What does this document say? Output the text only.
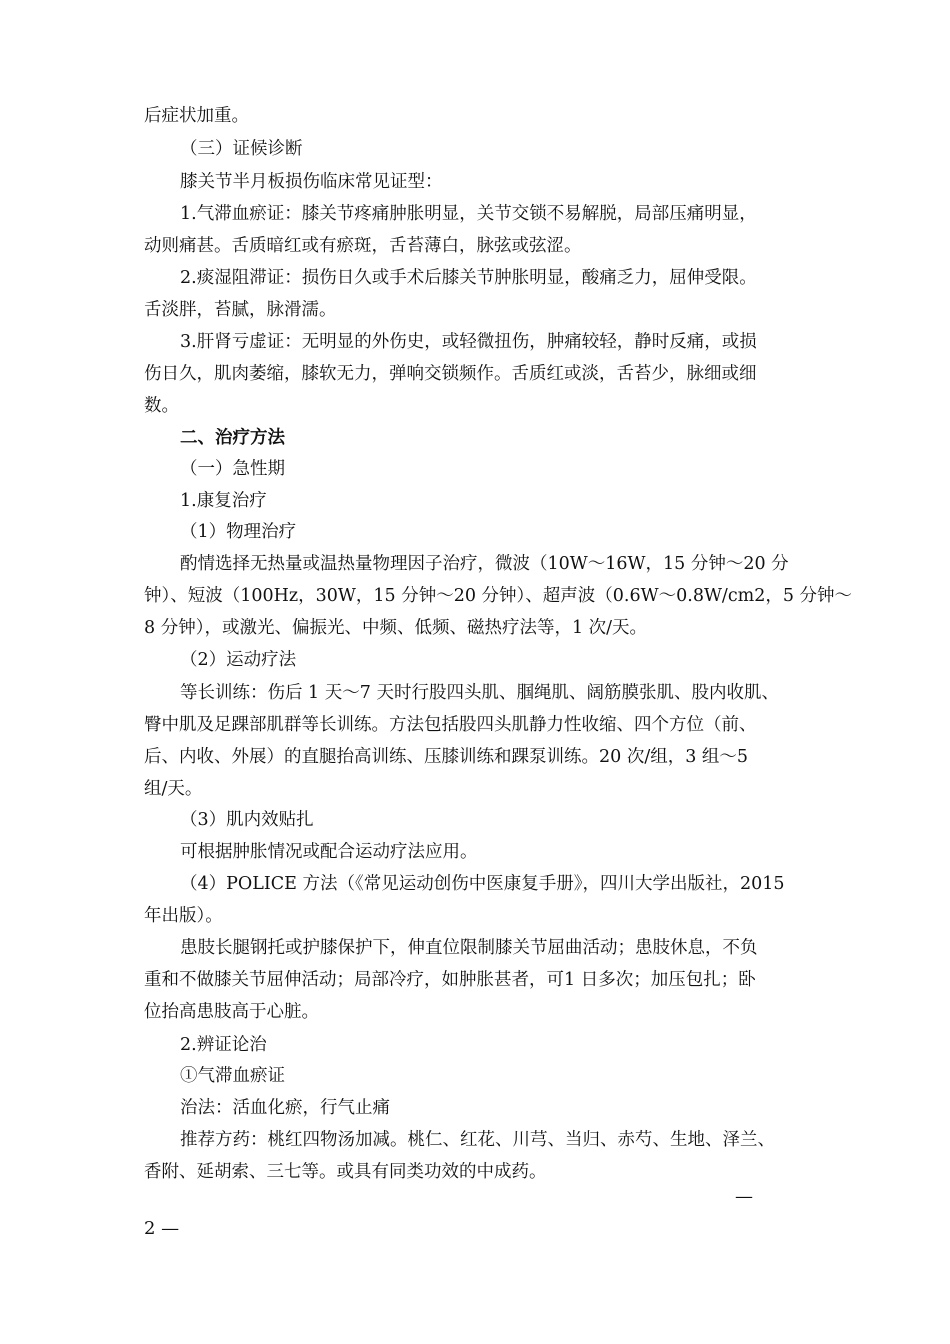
后症状加重。
（三）证候诊断
膝关节半月板损伤临床常见证型：
1.气滞血瘀证：膝关节疼痛肿胀明显，关节交锁不易解脱，局部压痛明显，
动则痛甚。舌质暗红或有瘀斑，舌苔薄白，脉弦或弦涩。
2.痰湿阻滞证：损伤日久或手术后膝关节肿胀明显，酸痛乏力，屈伸受限。
舌淡胖，苔腻，脉滑濡。
3.肝肾亏虚证：无明显的外伤史，或轻微扭伤，肿痛较轻，静时反痛，或损
伤日久，肌肉萎缩，膝软无力，弹响交锁频作。舌质红或淡，舌苔少，脉细或细
数。
二、治疗方法
（一）急性期
1.康复治疗
（1）物理治疗
酌情选择无热量或温热量物理因子治疗，微波（10W～16W，15 分钟～20 分
钟）、短波（100Hz，30W，15 分钟～20 分钟）、超声波（0.6W～0.8W/cm2，5 分钟～
8 分钟），或激光、偏振光、中频、低频、磁热疗法等，1 次/天。
（2）运动疗法
等长训练：伤后 1 天～7 天时行股四头肌、腘绳肌、阔筋膜张肌、股内收肌、
臀中肌及足踝部肌群等长训练。方法包括股四头肌静力性收缩、四个方位（前、
后、内收、外展）的直腿抬高训练、压膝训练和踝泵训练。20 次/组，3 组～5
组/天。
（3）肌内效贴扎
可根据肿胀情况或配合运动疗法应用。
（4）POLICE 方法（《常见运动创伤中医康复手册》，四川大学出版社，2015
年出版）。
患肢长腿钢托或护膝保护下，伸直位限制膝关节屈曲活动；患肢休息，不负
重和不做膝关节屈伸活动；局部冷疗，如肿胀甚者，可1 日多次；加压包扎；卧
位抬高患肢高于心脏。
2.辨证论治
①气滞血瘀证
治法：活血化瘀，行气止痛
推荐方药：桃红四物汤加减。桃仁、红花、川芎、当归、赤芍、生地、泽兰、
香附、延胡索、三七等。或具有同类功效的中成药。
—
2 —
